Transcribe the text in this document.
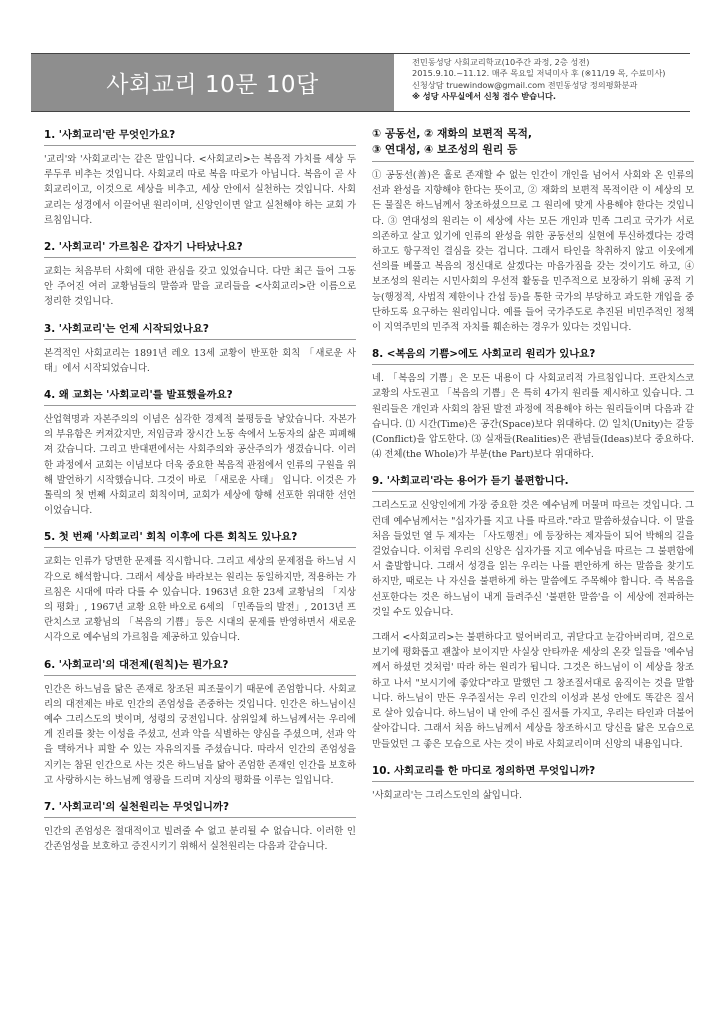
사회교리 10문 10답
전민동성당 사회교리학교(10주간 과정, 2층 성전)
2015.9.10.~11.12. 매주 목요일 저녁미사 후 (※11/19 목, 수료미사)
신청상담 truewindow@gmail.com 전민동성당 정의평화분과
※ 성당 사무실에서 신청 접수 받습니다.
1. '사회교리'란 무엇인가요?

'교리'와 '사회교리'는 같은 말입니다. <사회교리>는 복음적 가치를 세상 두루두루 비추는 것입니다. 사회교리 따로 복음 따로가 아닙니다. 복음이 곧 사회교리이고, 이것으로 세상을 비추고, 세상 안에서 실천하는 것입니다. 사회교리는 성경에서 이끌어낸 원리이며, 신앙인이면 알고 실천해야 하는 교회 가르침입니다.

2. '사회교리' 가르침은 갑자기 나타났나요?

교회는 처음부터 사회에 대한 관심을 갖고 있었습니다. 다만 최근 들어 그동안 주어진 여러 교황님들의 말씀과 맡을 교리들을 <사회교리>란 이름으로 정리한 것입니다.

3. '사회교리'는 언제 시작되었나요?

본격적인 사회교리는 1891년 레오 13세 교황이 반포한 회칙 「새로운 사태」에서 시작되었습니다.

4. 왜 교회는 '사회교리'를 발표했을까요?

산업혁명과 자본주의의 이념은 심각한 경제적 불평등을 낳았습니다. 자본가의 부유함은 커져갔지만, 저임금과 장시간 노동 속에서 노동자의 삶은 피폐해져 갔습니다. 그리고 반대편에서는 사회주의와 공산주의가 생겼습니다. 이러한 과정에서 교회는 이념보다 더욱 중요한 복음적 관점에서 인류의 구원을 위해 발언하기 시작했습니다. 그것이 바로 「새로운 사태」 입니다. 이것은 가톨릭의 첫 번째 사회교리 회칙이며, 교회가 세상에 향해 선포한 위대한 선언이었습니다.

5. 첫 번째 '사회교리' 회칙 이후에 다른 회칙도 있나요?

교회는 인류가 당면한 문제를 직시합니다. 그리고 세상의 문제점을 하느님 시각으로 해석합니다. 그래서 세상을 바라보는 원리는 동일하지만, 적용하는 가르침은 시대에 따라 다를 수 있습니다. 1963년 요한 23세 교황님의 「지상의 평화」, 1967년 교황 요한 바오로 6세의 「민족들의 발전」, 2013년 프란치스코 교황님의 「복음의 기쁨」등은 시대의 문제를 반영하면서 새로운 시각으로 예수님의 가르침을 제공하고 있습니다.

6. '사회교리'의 대전제(원칙)는 뭔가요?

인간은 하느님을 닮은 존재로 창조된 피조물이기 때문에 존엄합니다. 사회교리의 대전제는 바로 인간의 존엄성을 존중하는 것입니다. 인간은 하느님이신 예수 그리스도의 벗이며, 성령의 궁전입니다. 삼위일체 하느님께서는 우리에게 진리를 찾는 이성을 주셨고, 선과 악을 식별하는 양심을 주셨으며, 선과 악을 택하거나 피할 수 있는 자유의지를 주셨습니다. 따라서 인간의 존엄성을 지키는 참된 인간으로 사는 것은 하느님을 닮아 존엄한 존재인 인간을 보호하고 사랑하시는 하느님께 영광을 드리며 지상의 평화를 이루는 일입니다.

7. '사회교리'의 실천원리는 무엇입니까?

인간의 존엄성은 절대적이고 빌려줄 수 없고 분리될 수 없습니다. 이러한 인간존엄성을 보호하고 증진시키기 위해서 실천원리는 다음과 같습니다.

① 공동선, ② 재화의 보편적 목적,
③ 연대성, ④ 보조성의 원리 등

① 공동선(善)은 홀로 존재할 수 없는 인간이 개인을 넘어서 사회와 온 인류의 선과 완성을 지향해야 한다는 뜻이고, ② 재화의 보편적 목적이란 이 세상의 모든 물질은 하느님께서 창조하셨으므로 그 원리에 맞게 사용해야 한다는 것입니다. ③ 연대성의 원리는 이 세상에 사는 모든 개인과 민족 그리고 국가가 서로 의존하고 살고 있기에 인류의 완성을 위한 공동선의 실현에 투신하겠다는 강력하고도 항구적인 결심을 갖는 겁니다. 그래서 타인을 착취하지 않고 이웃에게 선의를 베풀고 복음의 정신대로 살겠다는 마음가짐을 갖는 것이기도 하고, ④ 보조성의 원리는 시민사회의 우선적 활동을 민주적으로 보장하기 위해 공적 기능(행정적, 사법적 제한이나 간섭 등)을 통한 국가의 부당하고 과도한 개입을 중단하도록 요구하는 원리입니다. 예를 들어 국가주도로 추진된 비민주적인 정책이 지역주민의 민주적 자치를 훼손하는 경우가 있다는 것입니다.

8. <복음의 기쁨>에도 사회교리 원리가 있나요?

네. 「복음의 기쁨」은 모든 내용이 다 사회교리적 가르침입니다. 프란치스코 교황의 사도권고 「복음의 기쁨」은 특히 4가지 원리를 제시하고 있습니다. 그 원리들은 개인과 사회의 참된 발전 과정에 적용해야 하는 원리들이며 다음과 같습니다. ⑴ 시간(Time)은 공간(Space)보다 위대하다. ⑵ 일치(Unity)는 갈등(Conflict)을 압도한다. ⑶ 실재들(Realities)은 관념들(Ideas)보다 중요하다. ⑷ 전체(the Whole)가 부분(the Part)보다 위대하다.

9. '사회교리'라는 용어가 듣기 불편합니다.

그리스도교 신앙인에게 가장 중요한 것은 예수님께 머물며 따르는 것입니다. 그런데 예수님께서는 "십자가를 지고 나를 따르라."라고 말씀하셨습니다. 이 말을 처음 들었던 열 두 제자는 「사도행전」에 등장하는 제자들이 되어 박해의 길을 걸었습니다. 이처럼 우리의 신앙은 십자가를 지고 예수님을 따르는 그 불편함에서 출발합니다. 그래서 성경을 읽는 우리는 나를 편안하게 하는 말씀을 찾기도 하지만, 때로는 나 자신을 불편하게 하는 말씀에도 주목해야 합니다. 즉 복음을 선포한다는 것은 하느님이 내게 들려주신 '불편한 말씀'을 이 세상에 전파하는 것일 수도 있습니다.

그래서 <사회교리>는 불편하다고 덮어버리고, 귀닫다고 눈감아버리며, 겉으로 보기에 평화롭고 괜찮아 보이지만 사실상 안타까운 세상의 온갖 일들을 '예수님께서 하셨던 것처럼' 따라 하는 원리가 됩니다. 그것은 하느님이 이 세상을 창조하고 나서 "보시기에 좋았다"라고 말했던 그 창조질서대로 움직이는 것을 말합니다. 하느님이 만든 우주질서는 우리 인간의 이성과 본성 안에도 똑같은 질서로 살아 있습니다. 하느님이 내 안에 주신 질서를 가지고, 우리는 타인과 더불어 살아갑니다. 그래서 처음 하느님께서 세상을 창조하시고 당신을 닮은 모습으로 만들었던 그 좋은 모습으로 사는 것이 바로 사회교리이며 신앙의 내용입니다.

10. 사회교리를 한 마디로 정의하면 무엇입니까?

'사회교리'는 그리스도인의 삶입니다.
